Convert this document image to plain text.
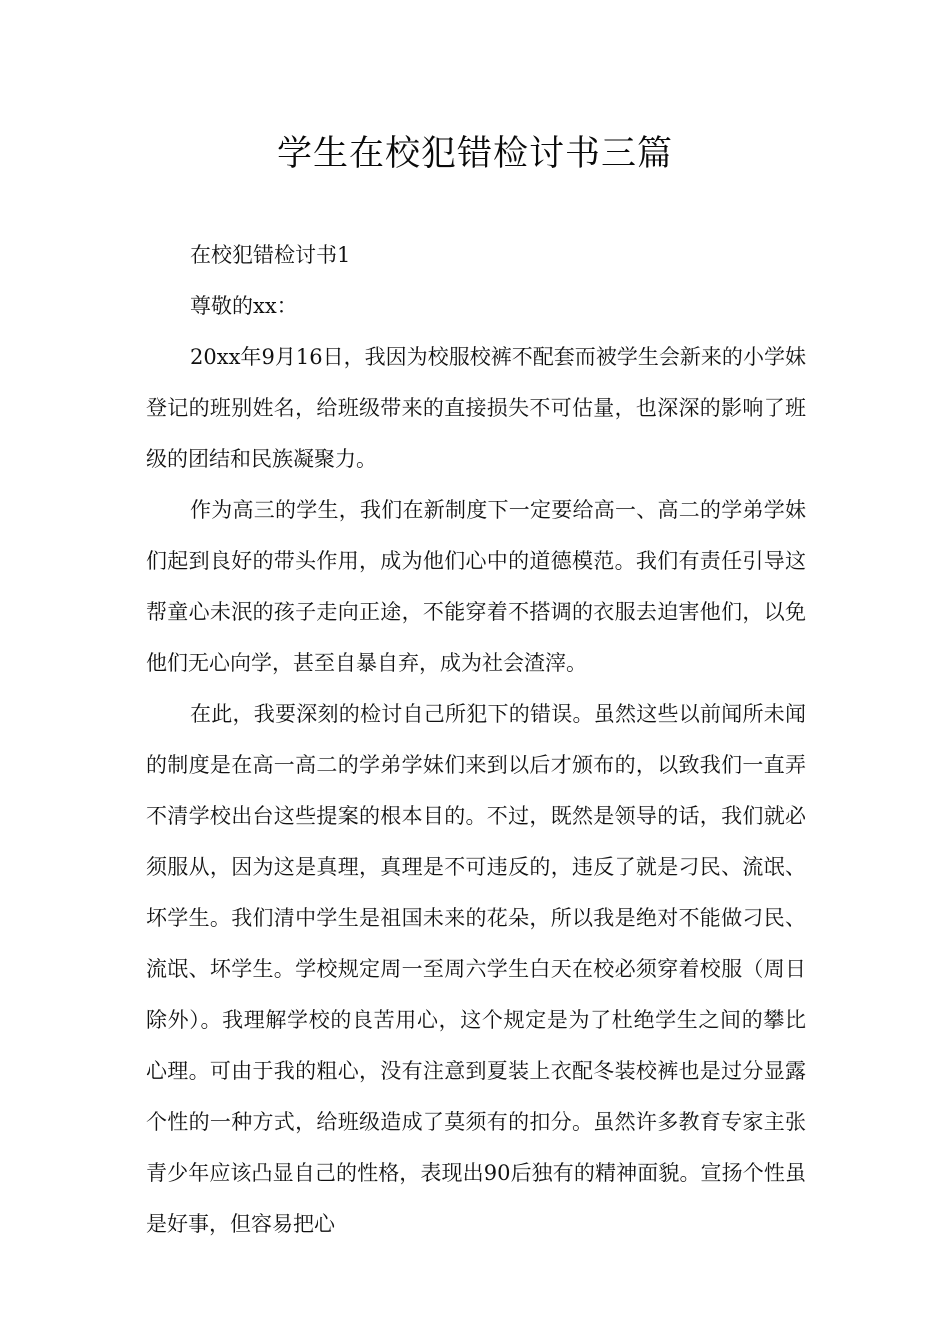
学生在校犯错检讨书三篇

在校犯错检讨书1

尊敬的xx：

20xx年9月16日，我因为校服校裤不配套而被学生会新来的小学妹登记的班别姓名，给班级带来的直接损失不可估量，也深深的影响了班级的团结和民族凝聚力。

作为高三的学生，我们在新制度下一定要给高一、高二的学弟学妹们起到良好的带头作用，成为他们心中的道德模范。我们有责任引导这帮童心未泯的孩子走向正途，不能穿着不搭调的衣服去迫害他们，以免他们无心向学，甚至自暴自弃，成为社会渣滓。

在此，我要深刻的检讨自己所犯下的错误。虽然这些以前闻所未闻的制度是在高一高二的学弟学妹们来到以后才颁布的，以致我们一直弄不清学校出台这些提案的根本目的。不过，既然是领导的话，我们就必须服从，因为这是真理，真理是不可违反的，违反了就是刁民、流氓、坏学生。我们清中学生是祖国未来的花朵，所以我是绝对不能做刁民、流氓、坏学生。学校规定周一至周六学生白天在校必须穿着校服（周日除外）。我理解学校的良苦用心，这个规定是为了杜绝学生之间的攀比心理。可由于我的粗心，没有注意到夏装上衣配冬装校裤也是过分显露个性的一种方式，给班级造成了莫须有的扣分。虽然许多教育专家主张青少年应该凸显自己的性格，表现出90后独有的精神面貌。宣扬个性虽是好事，但容易把心
